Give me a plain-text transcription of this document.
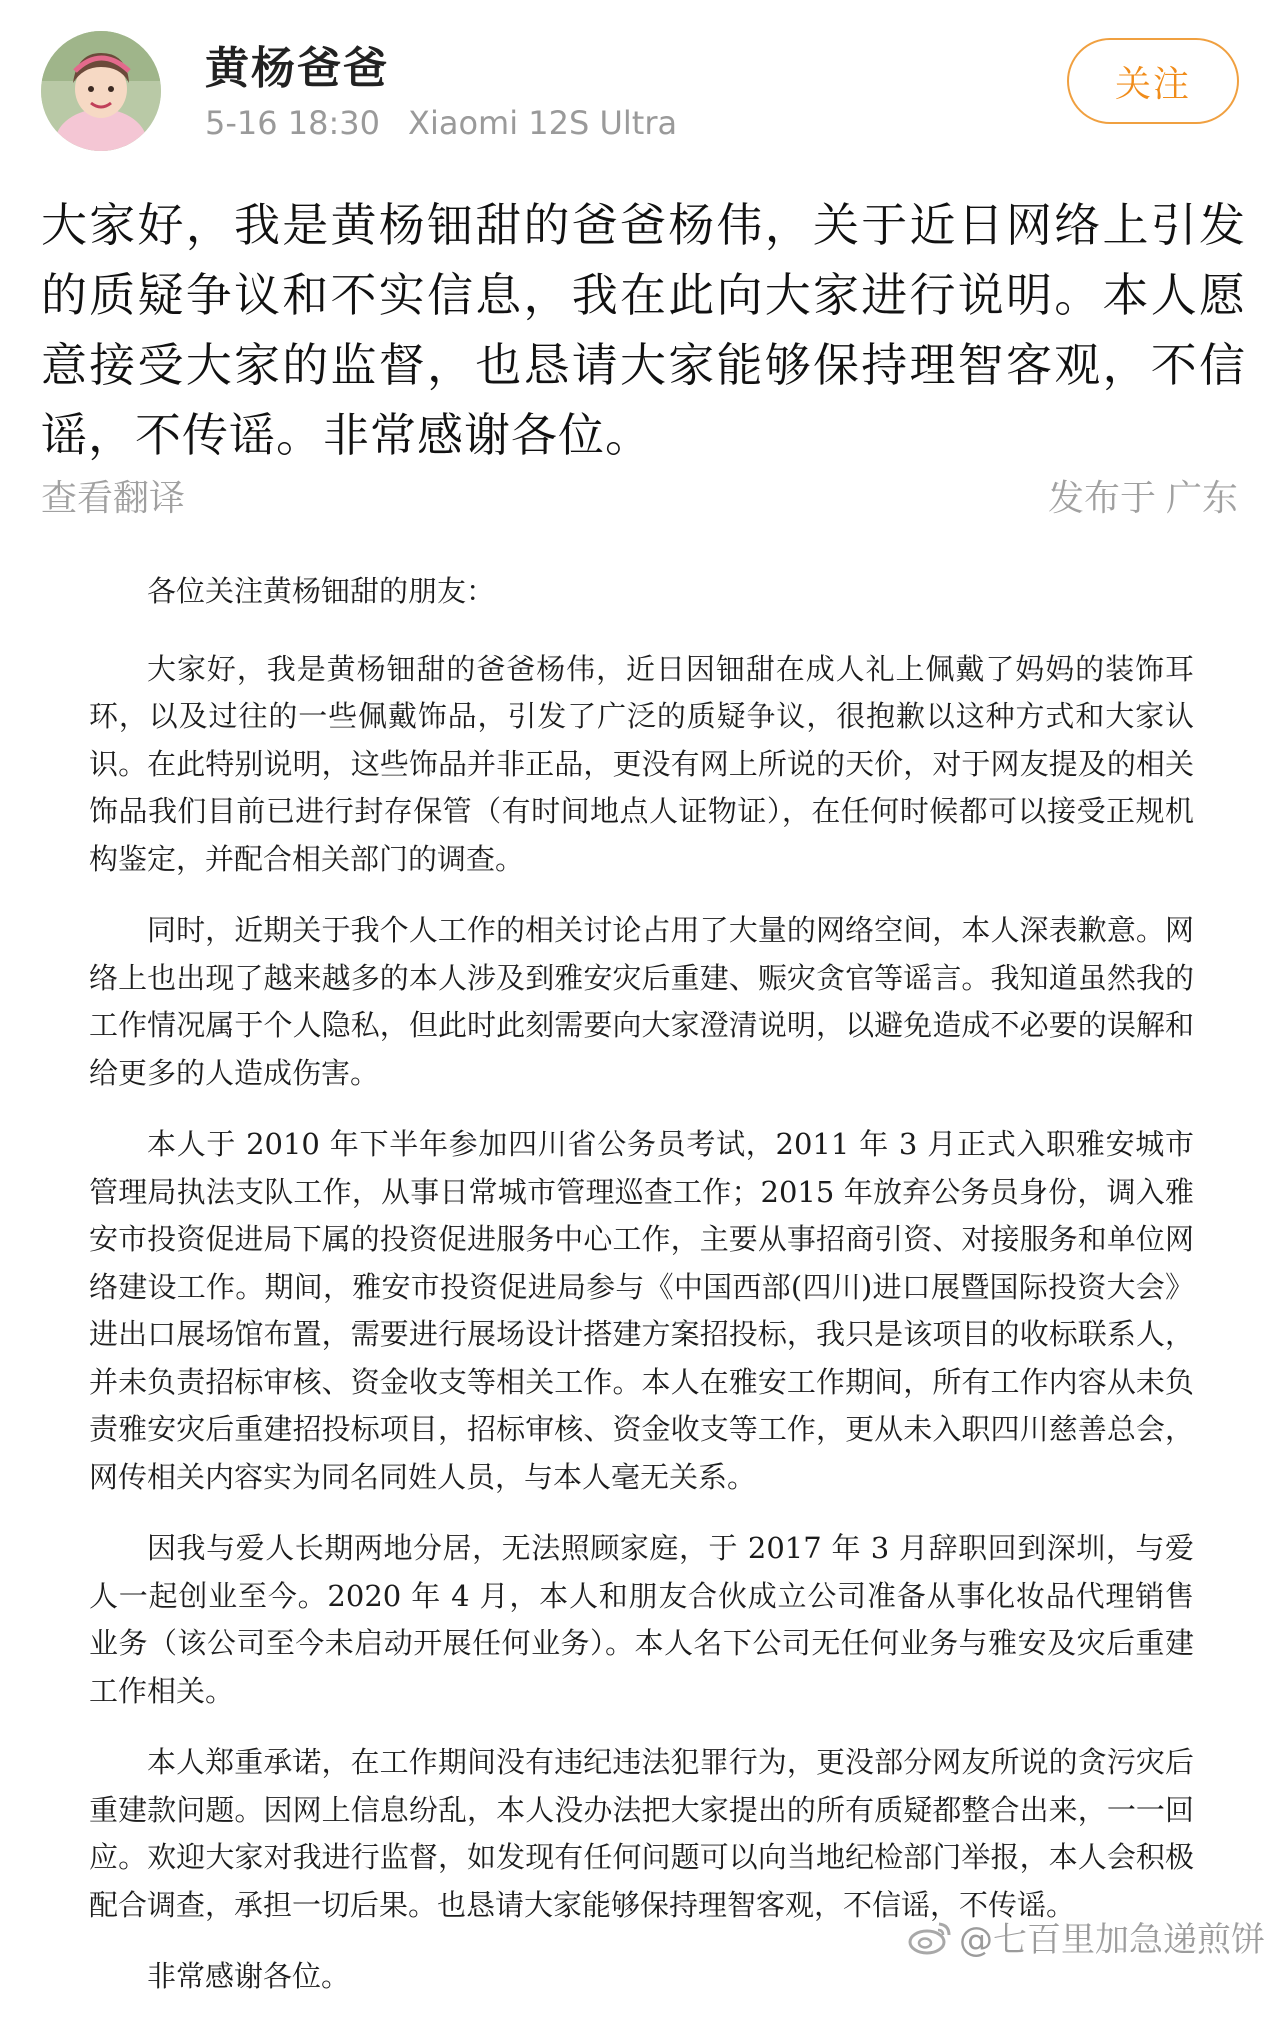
黄杨爸爸
5-16 18:30 Xiaomi 12S Ultra
关注
大家好，我是黄杨钿甜的爸爸杨伟，关于近日网络上引发的质疑争议和不实信息，我在此向大家进行说明。本人愿意接受大家的监督，也恳请大家能够保持理智客观，不信谣，不传谣。非常感谢各位。
查看翻译	发布于 广东

各位关注黄杨钿甜的朋友：

大家好，我是黄杨钿甜的爸爸杨伟，近日因钿甜在成人礼上佩戴了妈妈的装饰耳环，以及过往的一些佩戴饰品，引发了广泛的质疑争议，很抱歉以这种方式和大家认识。在此特别说明，这些饰品并非正品，更没有网上所说的天价，对于网友提及的相关饰品我们目前已进行封存保管（有时间地点人证物证），在任何时候都可以接受正规机构鉴定，并配合相关部门的调查。

同时，近期关于我个人工作的相关讨论占用了大量的网络空间，本人深表歉意。网络上也出现了越来越多的本人涉及到雅安灾后重建、赈灾贪官等谣言。我知道虽然我的工作情况属于个人隐私，但此时此刻需要向大家澄清说明，以避免造成不必要的误解和给更多的人造成伤害。

本人于 2010 年下半年参加四川省公务员考试，2011 年 3 月正式入职雅安城市管理局执法支队工作，从事日常城市管理巡查工作；2015 年放弃公务员身份，调入雅安市投资促进局下属的投资促进服务中心工作，主要从事招商引资、对接服务和单位网络建设工作。期间，雅安市投资促进局参与《中国西部(四川)进口展暨国际投资大会》进出口展场馆布置，需要进行展场设计搭建方案招投标，我只是该项目的收标联系人，并未负责招标审核、资金收支等相关工作。本人在雅安工作期间，所有工作内容从未负责雅安灾后重建招投标项目，招标审核、资金收支等工作，更从未入职四川慈善总会，网传相关内容实为同名同姓人员，与本人毫无关系。

因我与爱人长期两地分居，无法照顾家庭，于 2017 年 3 月辞职回到深圳，与爱人一起创业至今。2020 年 4 月，本人和朋友合伙成立公司准备从事化妆品代理销售业务（该公司至今未启动开展任何业务）。本人名下公司无任何业务与雅安及灾后重建工作相关。

本人郑重承诺，在工作期间没有违纪违法犯罪行为，更没部分网友所说的贪污灾后重建款问题。因网上信息纷乱，本人没办法把大家提出的所有质疑都整合出来，一一回应。欢迎大家对我进行监督，如发现有任何问题可以向当地纪检部门举报，本人会积极配合调查，承担一切后果。也恳请大家能够保持理智客观，不信谣，不传谣。

非常感谢各位。

@七百里加急递煎饼
